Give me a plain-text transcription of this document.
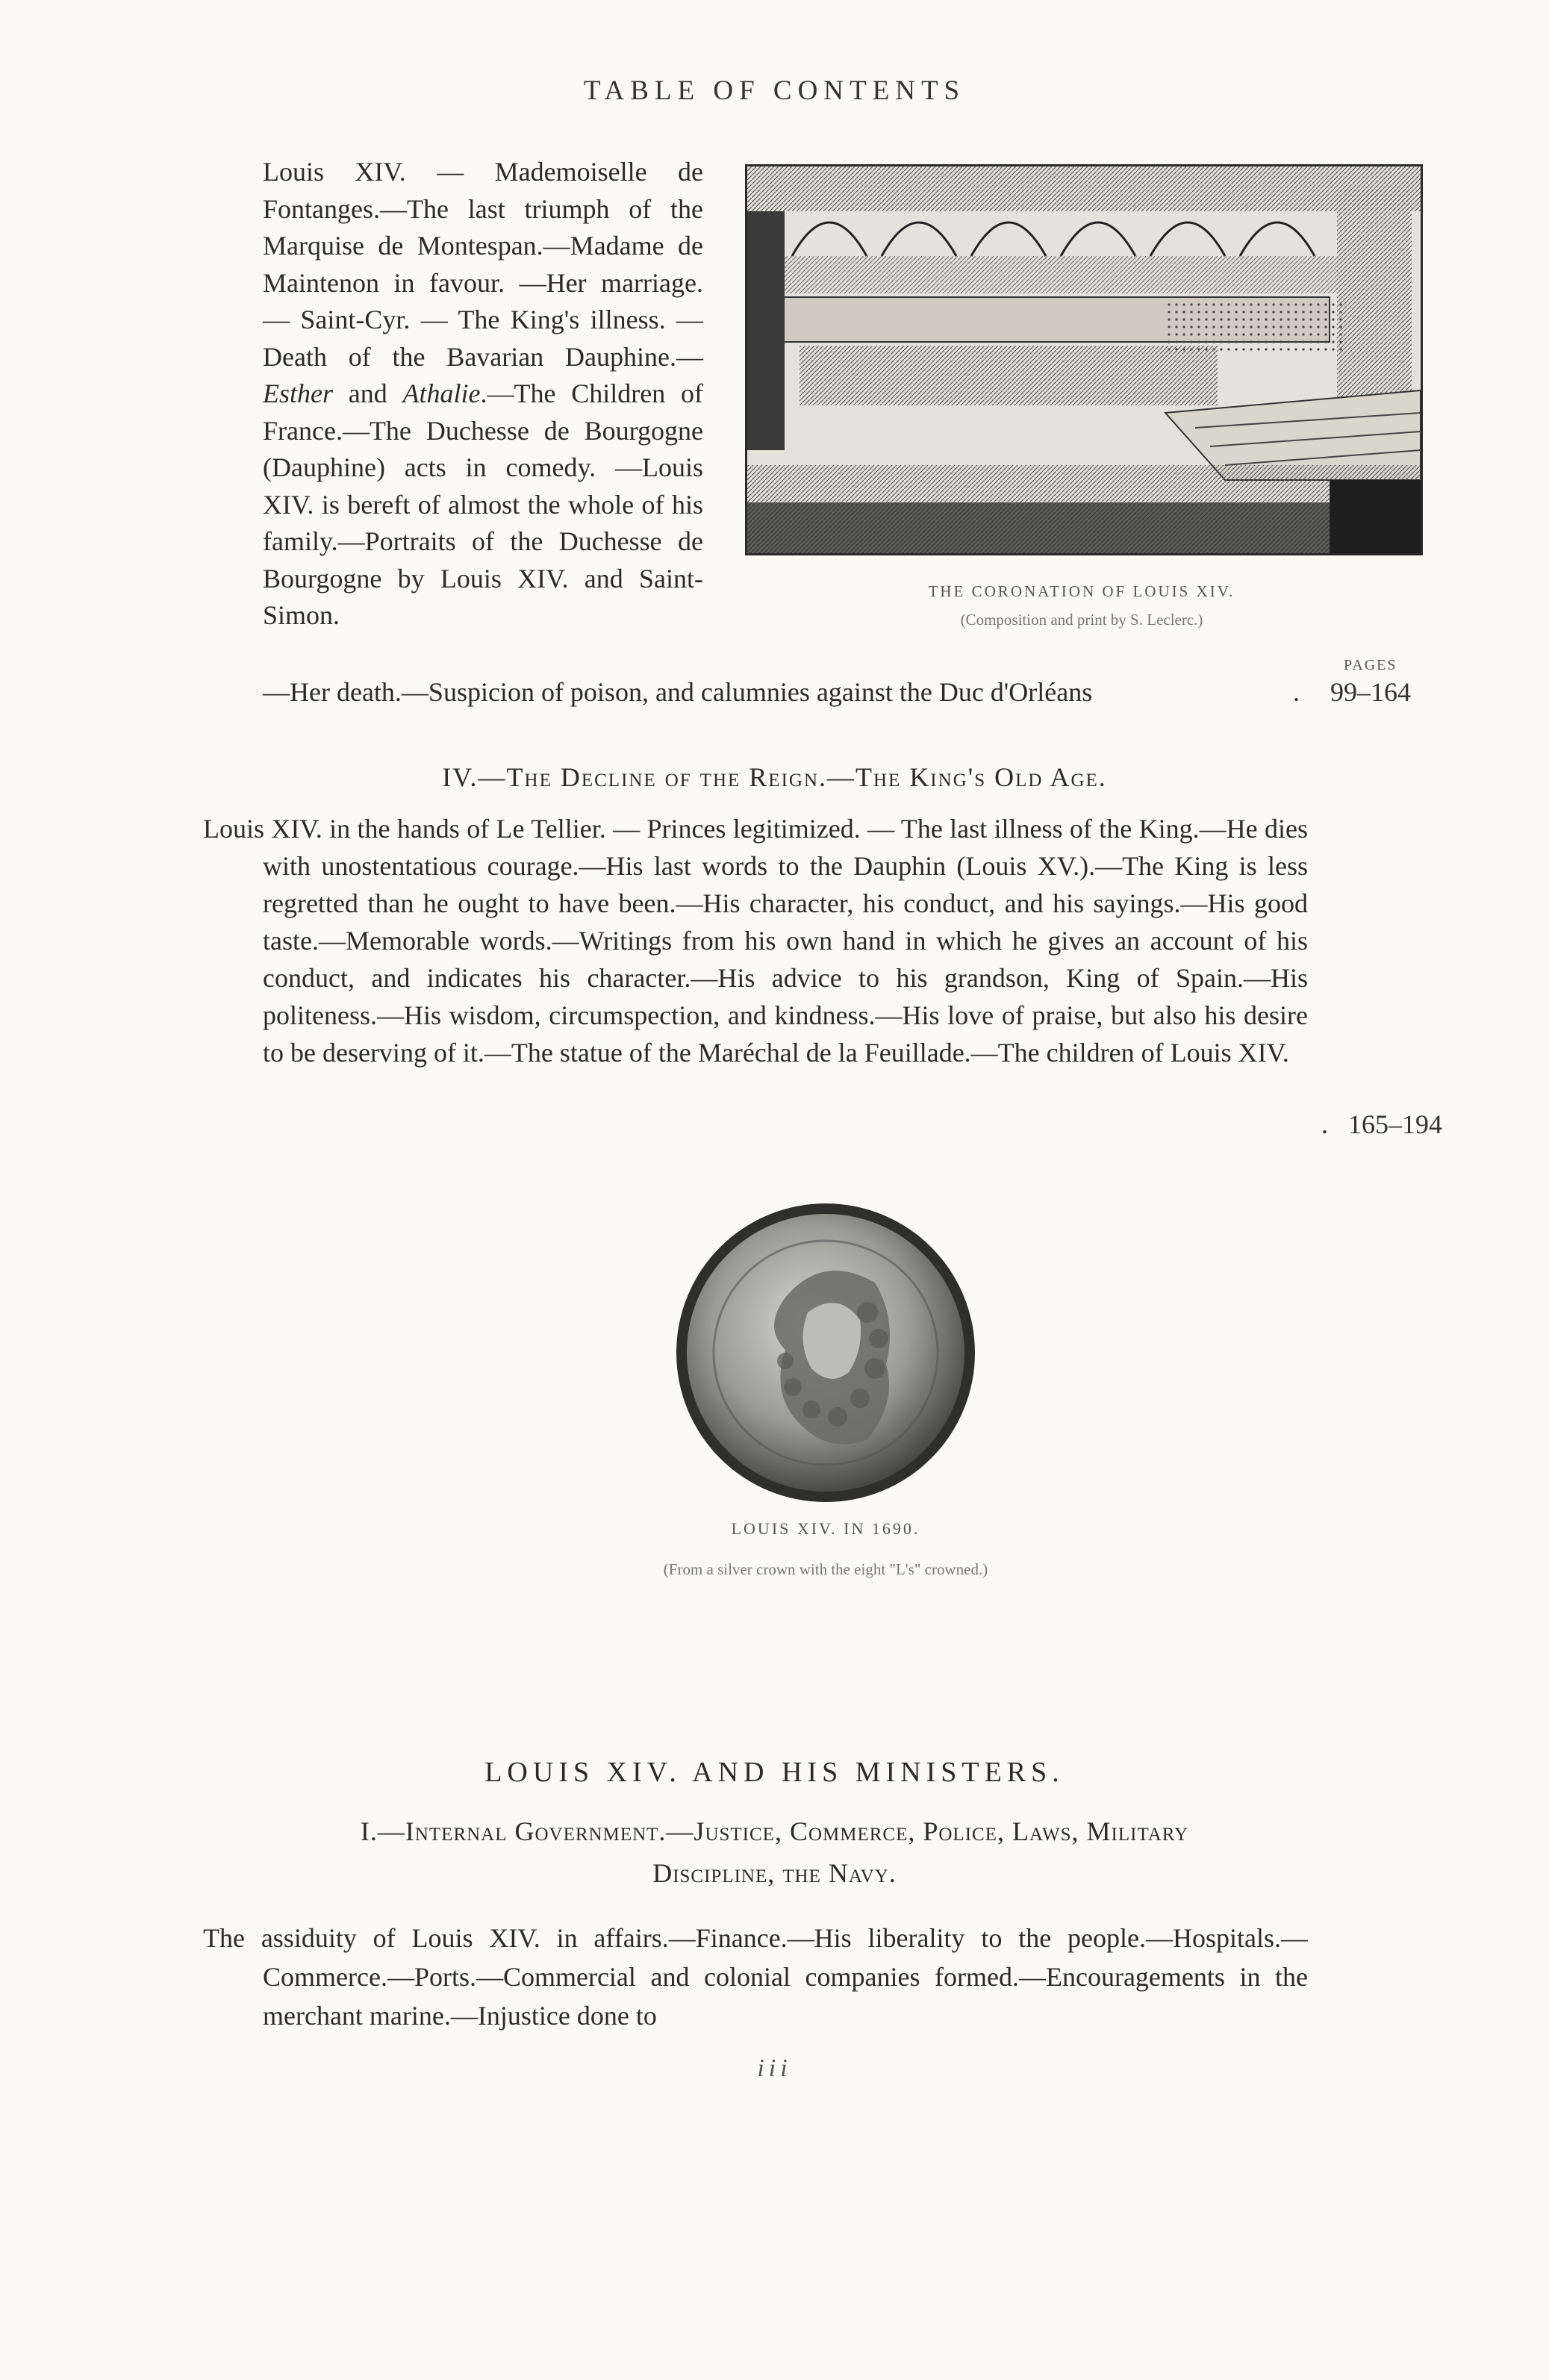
TABLE OF CONTENTS

Louis XIV. — Mademoiselle de Fontanges.—The last triumph of the Marquise de Montespan.—Madame de Maintenon in favour. —Her marriage. — Saint-Cyr. — The King's illness. — Death of the Bavarian Dauphine.—Esther and Athalie.—The Children of France.—The Duchesse de Bourgogne (Dauphine) acts in comedy. —Louis XIV. is bereft of almost the whole of his family.—Portraits of the Duchesse de Bourgogne by Louis XIV. and Saint-Simon.

PAGES
—Her death.—Suspicion of poison, and calumnies against the Duc d'Orléans	. 99–164
THE CORONATION OF LOUIS XIV.
(Composition and print by S. Leclerc.)
IV.—The Decline of the Reign.—The King's Old Age.

Louis XIV. in the hands of Le Tellier. — Princes legitimized. — The last illness of the King.—He dies with unostentatious courage.—His last words to the Dauphin (Louis XV.).—The King is less regretted than he ought to have been.—His character, his conduct, and his sayings.—His good taste.—Memorable words.—Writings from his own hand in which he gives an account of his conduct, and indicates his character.—His advice to his grandson, King of Spain.—His politeness.—His wisdom, circumspection, and kindness.—His love of praise, but also his desire to be deserving of it.—The statue of the Maréchal de la Feuillade.—The children of Louis XIV.

. 165–194
LOUIS XIV. IN 1690.
(From a silver crown with the eight "L's" crowned.)
LOUIS XIV. AND HIS MINISTERS.
I.—Internal Government.—Justice, Commerce, Police, Laws, Military
Discipline, the Navy.

The assiduity of Louis XIV. in affairs.—Finance.—His liberality to the people.—Hospitals.—Commerce.—Ports.—Commercial and colonial companies formed.—Encouragements in the merchant marine.—Injustice done to

iii
